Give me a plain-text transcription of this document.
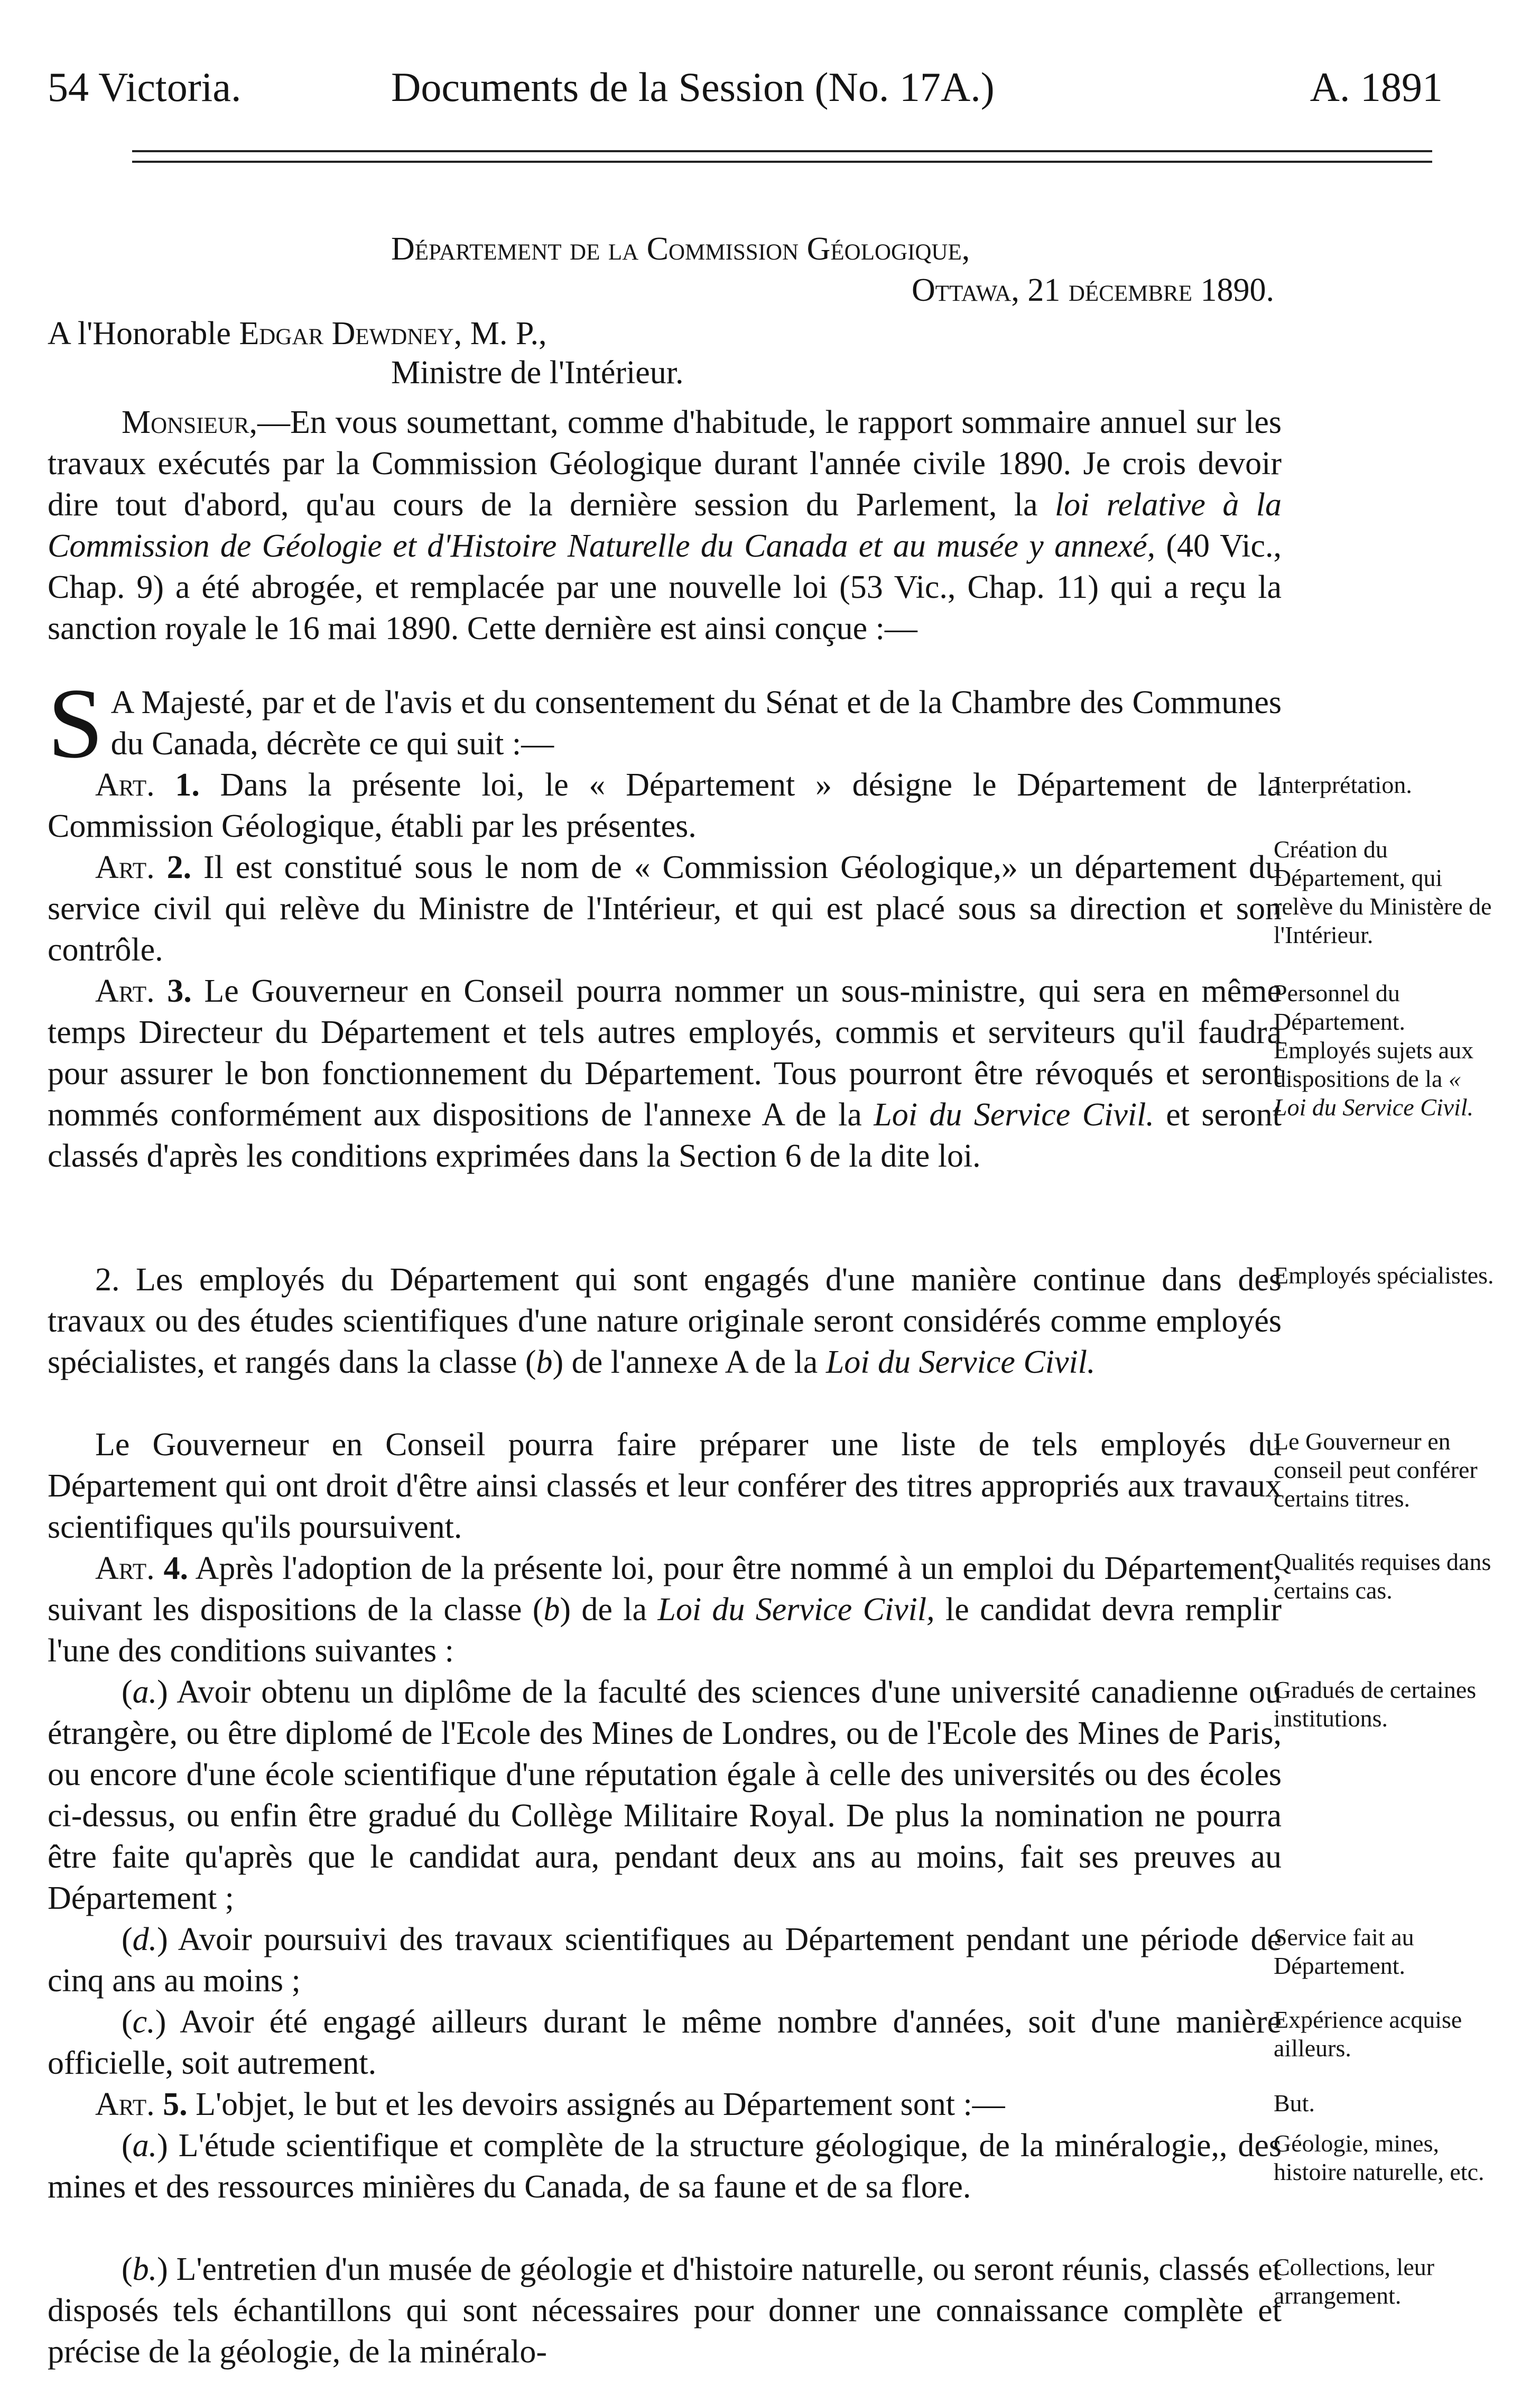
54 Victoria.	Documents de la Session (No. 17A.)	A. 1891
Département de la Commission Géologique,
Ottawa, 21 décembre 1890.
A l'Honorable Edgar Dewdney, M. P.,
Ministre de l'Intérieur.

Monsieur,—En vous soumettant, comme d'habitude, le rapport sommaire annuel sur les travaux exécutés par la Commission Géologique durant l'année civile 1890. Je crois devoir dire tout d'abord, qu'au cours de la dernière session du Parlement, la loi relative à la Commission de Géologie et d'Histoire Naturelle du Canada et au musée y annexé, (40 Vic., Chap. 9) a été abrogée, et remplacée par une nouvelle loi (53 Vic., Chap. 11) qui a reçu la sanction royale le 16 mai 1890. Cette dernière est ainsi conçue :—

S A Majesté, par et de l'avis et du consentement du Sénat et de la Chambre des Communes du Canada, décrète ce qui suit :—

Art. 1. Dans la présente loi, le « Département » désigne le Département de la Commission Géologique, établi par les présentes.

Interprétation.

Art. 2. Il est constitué sous le nom de « Commission Géologique,» un département du service civil qui relève du Ministre de l'Intérieur, et qui est placé sous sa direction et son contrôle.

Création du Département, qui relève du Ministère de l'Intérieur.

Art. 3. Le Gouverneur en Conseil pourra nommer un sous-ministre, qui sera en même temps Directeur du Département et tels autres employés, commis et serviteurs qu'il faudra pour assurer le bon fonctionnement du Département. Tous pourront être révoqués et seront nommés conformément aux dispositions de l'annexe A de la Loi du Service Civil. et seront classés d'après les conditions exprimées dans la Section 6 de la dite loi.

Personnel du Département. Employés sujets aux dispositions de la « Loi du Service Civil.

2. Les employés du Département qui sont engagés d'une manière continue dans des travaux ou des études scientifiques d'une nature originale seront considérés comme employés spécialistes, et rangés dans la classe (b) de l'annexe A de la Loi du Service Civil.

Employés spécialistes.

Le Gouverneur en Conseil pourra faire préparer une liste de tels employés du Département qui ont droit d'être ainsi classés et leur conférer des titres appropriés aux travaux scientifiques qu'ils poursuivent.

Le Gouverneur en conseil peut conférer certains titres.

Art. 4. Après l'adoption de la présente loi, pour être nommé à un emploi du Département, suivant les dispositions de la classe (b) de la Loi du Service Civil, le candidat devra remplir l'une des conditions suivantes :

Qualités requises dans certains cas.

(a.) Avoir obtenu un diplôme de la faculté des sciences d'une université canadienne ou étrangère, ou être diplomé de l'Ecole des Mines de Londres, ou de l'Ecole des Mines de Paris, ou encore d'une école scientifique d'une réputation égale à celle des universités ou des écoles ci-dessus, ou enfin être gradué du Collège Militaire Royal. De plus la nomination ne pourra être faite qu'après que le candidat aura, pendant deux ans au moins, fait ses preuves au Département ;

Gradués de certaines institutions.

(d.) Avoir poursuivi des travaux scientifiques au Département pendant une période de cinq ans au moins ;

Service fait au Département.

(c.) Avoir été engagé ailleurs durant le même nombre d'années, soit d'une manière officielle, soit autrement.

Expérience acquise ailleurs.

Art. 5. L'objet, le but et les devoirs assignés au Département sont :—	But.

(a.) L'étude scientifique et complète de la structure géologique, de la minéralogie,, des mines et des ressources minières du Canada, de sa faune et de sa flore.

Géologie, mines, histoire naturelle, etc.

(b.) L'entretien d'un musée de géologie et d'histoire naturelle, ou seront réunis, classés et disposés tels échantillons qui sont nécessaires pour donner une connaissance complète et précise de la géologie, de la minéralo-

Collections, leur arrangement.
